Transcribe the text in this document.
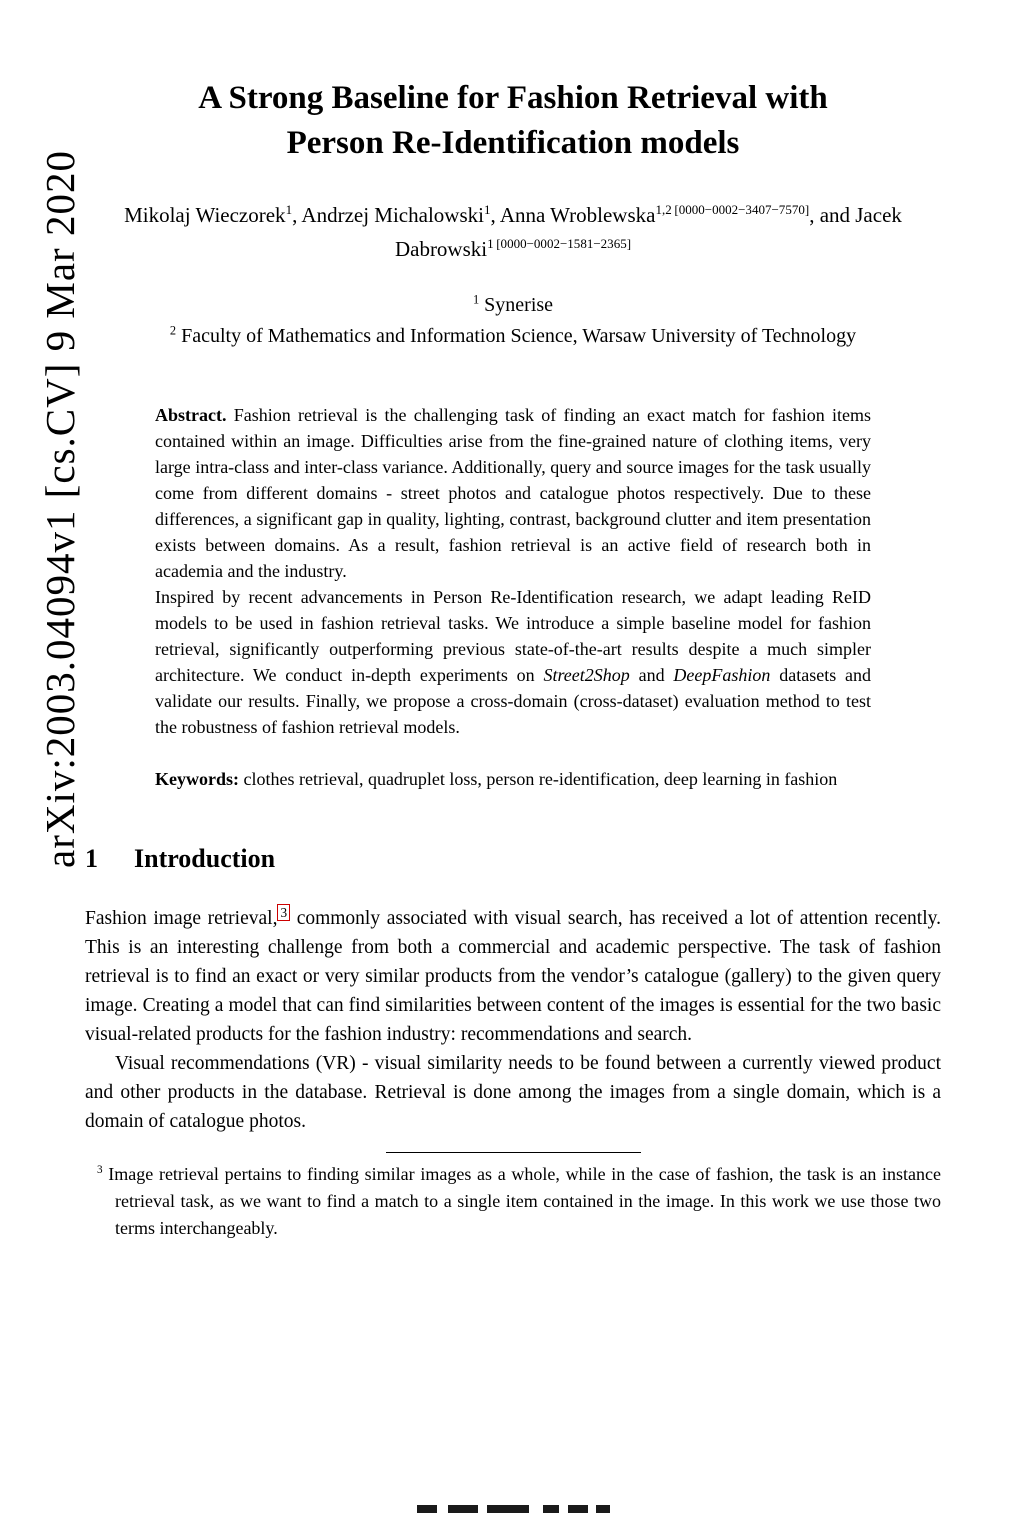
arXiv:2003.04094v1 [cs.CV] 9 Mar 2020
A Strong Baseline for Fashion Retrieval with
Person Re-Identification models
Mikolaj Wieczorek$^1$, Andrzej Michalowski$^1$, Anna Wroblewska$^{1,2 [0000-0002-3407-7570]}$, and Jacek Dabrowski$^{1 [0000-0002-1581-2365]}$
$^1$ Synerise
$^2$ Faculty of Mathematics and Information Science, Warsaw University of Technology

Abstract. Fashion retrieval is the challenging task of finding an exact match for fashion items contained within an image. Difficulties arise from the fine-grained nature of clothing items, very large intra-class and inter-class variance. Additionally, query and source images for the task usually come from different domains - street photos and catalogue photos respectively. Due to these differences, a significant gap in quality, lighting, contrast, background clutter and item presentation exists between domains. As a result, fashion retrieval is an active field of research both in academia and the industry.

Inspired by recent advancements in Person Re-Identification research, we adapt leading ReID models to be used in fashion retrieval tasks. We introduce a simple baseline model for fashion retrieval, significantly outperforming previous state-of-the-art results despite a much simpler architecture. We conduct in-depth experiments on Street2Shop and DeepFashion datasets and validate our results. Finally, we propose a cross-domain (cross-dataset) evaluation method to test the robustness of fashion retrieval models.

Keywords: clothes retrieval, quadruplet loss, person re-identification, deep learning in fashion
1 Introduction

Fashion image retrieval, $^3$ commonly associated with visual search, has received a lot of attention recently. This is an interesting challenge from both a commercial and academic perspective. The task of fashion retrieval is to find an exact or very similar products from the vendor’s catalogue (gallery) to the given query image. Creating a model that can find similarities between content of the images is essential for the two basic visual-related products for the fashion industry: recommendations and search.

Visual recommendations (VR) - visual similarity needs to be found between a currently viewed product and other products in the database. Retrieval is done among the images from a single domain, which is a domain of catalogue photos.

$^3$ Image retrieval pertains to finding similar images as a whole, while in the case of fashion, the task is an instance retrieval task, as we want to find a match to a single item contained in the image. In this work we use those two terms interchangeably.
